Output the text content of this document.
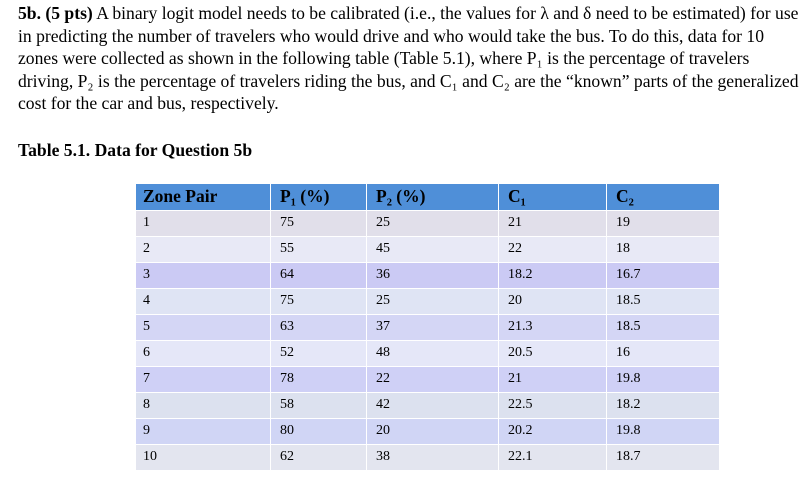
5b. (5 pts) A binary logit model needs to be calibrated (i.e., the values for λ and δ need to be estimated) for use in predicting the number of travelers who would drive and who would take the bus. To do this, data for 10 zones were collected as shown in the following table (Table 5.1), where P₁ is the percentage of travelers driving, P₂ is the percentage of travelers riding the bus, and C₁ and C₂ are the “known” parts of the generalized cost for the car and bus, respectively.

Table 5.1. Data for Question 5b

Zone Pair	P₁ (%)	P₂ (%)	C₁	C₂
1	75	25	21	19
2	55	45	22	18
3	64	36	18.2	16.7
4	75	25	20	18.5
5	63	37	21.3	18.5
6	52	48	20.5	16
7	78	22	21	19.8
8	58	42	22.5	18.2
9	80	20	20.2	19.8
10	62	38	22.1	18.7
